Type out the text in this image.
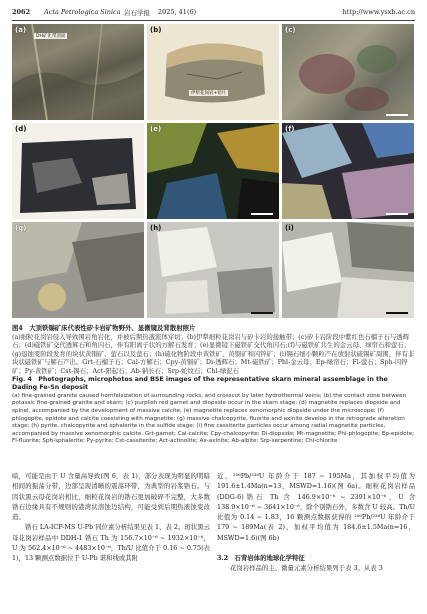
2062 Acta Petrologica Sinica 岩石学报 2025, 41(6)	http://www.ysxb.ac.cn
(a)
DH矿化带剖面
(b)
伊犁花岗岩+铅片
(c)
(d)	(e)	(f)
(g)	(h)	(i)
图4　大顶铁锡矿床代表性矽卡岩矿物野外、显微镜及背散射照片
(a)细粒花岗岩侵入导致围岩角岩化，并被后期热液流体穿切；(b)伊犁细粒花岗岩与矽卡岩的接触带；(c)矽卡岩阶段中紫红色石榴子石与透辉石；(d)磁铁矿交代透辉石和角闪石，伴有阳离子状的方解石发育；(e)显微镜下磁铁矿交代角闪石;(f)与磁铁矿共生的金云母、绿帘石和萤石；(g)退蚀变阶段发育的块状黄铜矿、萤石以及萤石；(h)硫化物阶段中黄铁矿、黄铜矿和闪锌矿；(i)锡石细小颗粒产在放射状硫锡矿周围，伴有非块状磁铁矿与解石产出。Grt-石榴子石；Cal-方解石；Cpy-黄铜矿；Di-透辉石；Mt-磁铁矿；Phl-金云母；Ep-绿帘石；Fl-萤石；Sph-闪锌矿；Py-黄铁矿；Cst-锡石；Act-阳起石；Ab-钠长石；Srp-蛇纹石；Chl-绿泥石
Fig. 4　Photographs, microphotos and BSE images of the representative skarn mineral assemblage in the Dading Fe-Sn deposit
(a) fine-grained granite caused hornfelsization of surrounding rocks, and crosscut by later hydrothermal veins; (b) the contact zone between potassic fine-grained granite and skarn; (c) purplish red garnet and diopside occur in the skarn stage; (d) magnetite replaces diopside and spinel, accompanied by the development of massive calcite; (e) magnetite replaces xenomorphic diopside under the microscope; (f) phlogopite, epidote and calcite coexisting with magnetite; (g) massive chalcopyrite, fluorite and axinite develop in the retrograde alteration stage; (h) pyrite, chalcopyrite and sphalerite in the sulfide stage; (i) fine cassiterite particles occur among radial magnetite particles, accompanied by massive xenomorphic calcite. Grt-garnet; Cal-calcite; Cpy-chalcopyrite; Di-diopside; Mt-magnetite; Phl-phlogopite; Ep-epidote; Fl-fluorite; Sph-sphalerite; Py-pyrite; Cst-cassiterite; Act-actinolite; Ax-axinite; Ab-albite; Srp-serpentine; Chl-chlorite

暗，可能是由于 U 含量高导致(图 6，表 1)，部分表现为明显的明暗相间的振荡分带，边部呈现清晰的震荡环带，为典型的岩浆锆石。与因状黑云母花岗岩相比，细粒花岗岩的锆石更加破碎不完整，大多数锆石边缘具有不规则的港湾状溶蚀边结构，可能受到后期热液蚀变改造。

锆石 LA-ICP-MS U-Pb 同位素分析结果见表 1、表 2。斑状黑云母花岗岩样品中 DDH-1 锆石 Th 为 156.7×10⁻⁶ ~ 1932×10⁻⁶，U 为 562.4×10⁻⁶ ~ 4483×10⁻⁶，Th/U 比值介于 0.16 ~ 0.75(表 1)，13 颗测点数据位于 U-Pb 谐和线或其附

近，²⁰⁶Pb/²³⁸U 年龄介于 187 ~ 195Ma，其加权平均值为 191.6±1.4Ma(n=13，MSWD=1.16)(图 6a)。细粒花岗岩样品(DDG-6)锆石 Th 含 146.9×10⁻⁶ ~ 2391×10⁻⁶，U 含 138.9×10⁻⁶ ~ 3641×10⁻⁶，除个别锆石外，多数含 U 较高。Th/U 比值为 0.14 ~ 1.83，16 颗测点数据获得的 ²⁰⁶Pb/²³⁸U 年龄介于 179 ~ 189Ma(表 2)，加权平均值为 184.6±1.5Ma(n=16，MSWD=1.6)(图 6b)

3.2　石背岩体的地球化学特征

花岗岩样品的主、微量元素分析结果列于表 3。从表 3
